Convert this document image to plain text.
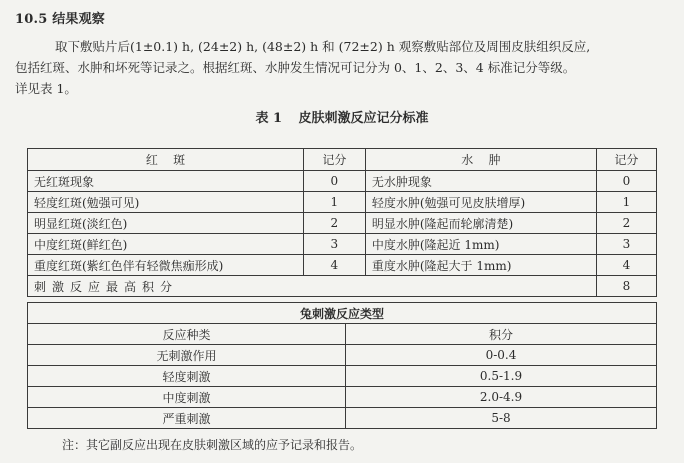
10.5 结果观察
取下敷贴片后(1±0.1) h, (24±2) h, (48±2) h 和 (72±2) h 观察敷贴部位及周围皮肤组织反应,
包括红斑、水肿和坏死等记录之。根据红斑、水肿发生情况可记分为 0、1、2、3、4 标准记分等级。
详见表 1。
表 1 皮肤刺激反应记分标准
红    斑	记分	水    肿	记分
无红斑现象	0	无水肿现象	0
轻度红斑(勉强可见)	1	轻度水肿(勉强可见皮肤增厚)	1
明显红斑(淡红色)	2	明显水肿(隆起而轮廓清楚)	2
中度红斑(鲜红色)	3	中度水肿(隆起近 1mm)	3
重度红斑(紫红色伴有轻微焦痂形成)	4	重度水肿(隆起大于 1mm)	4
刺激反应最高积分			8
兔刺激反应类型	
反应种类	积分
无刺激作用	0-0.4
轻度刺激	0.5-1.9
中度刺激	2.0-4.9
严重刺激	5-8
注：其它副反应出现在皮肤刺激区域的应予记录和报告。
